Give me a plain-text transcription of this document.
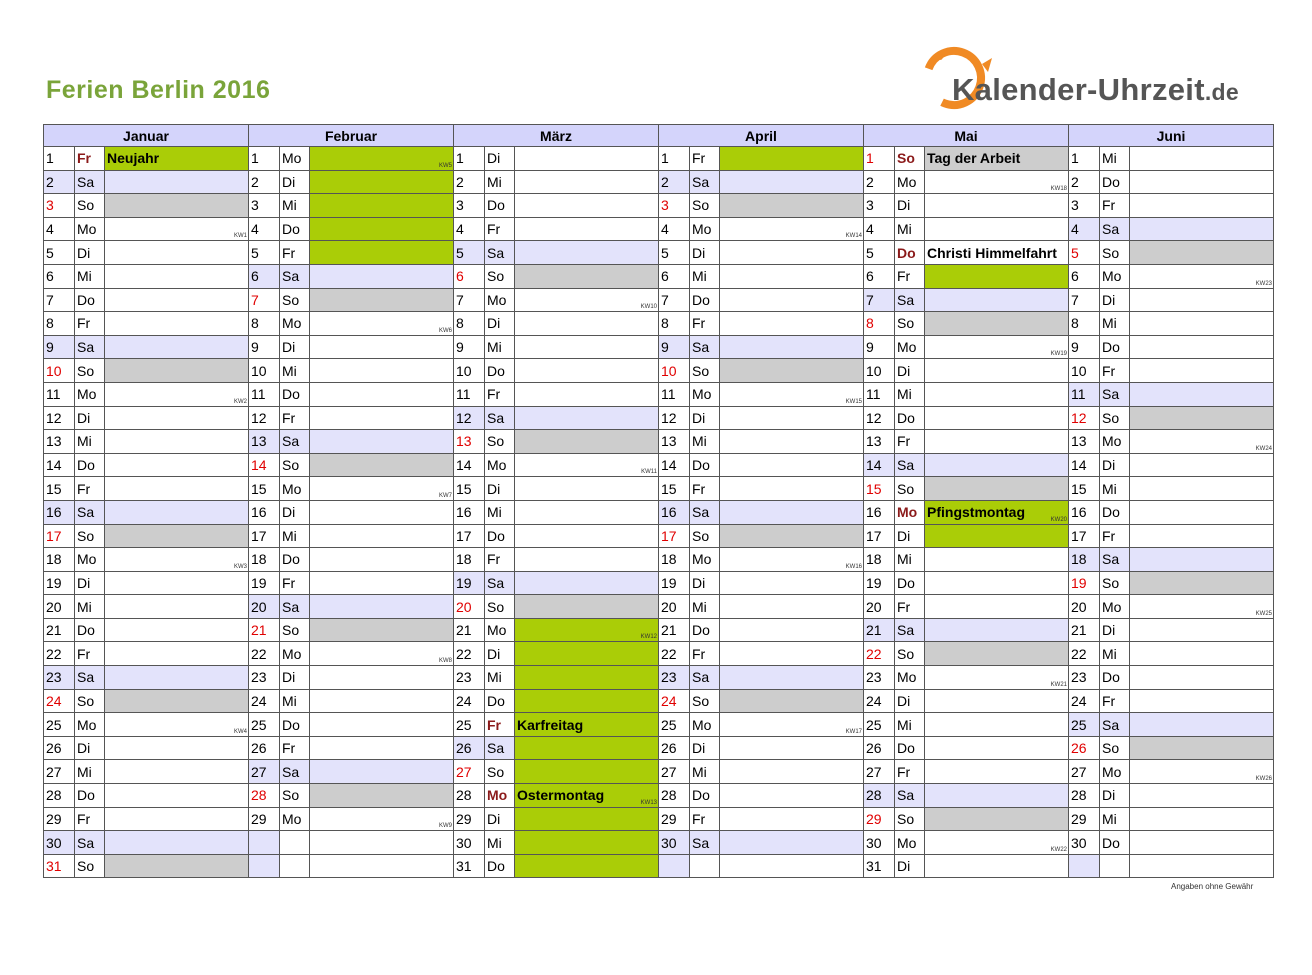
Ferien Berlin 2016	Kalender-Uhrzeit.de
Januar			Februar			März			April			Mai			Juni		
1	Fr	Neujahr	1	Mo	KW5	1	Di		1	Fr		1	So	Tag der Arbeit	1	Mi	
2	Sa		2	Di		2	Mi		2	Sa		2	Mo	KW18	2	Do	
3	So		3	Mi		3	Do		3	So		3	Di		3	Fr	
4	Mo	KW1	4	Do		4	Fr		4	Mo	KW14	4	Mi		4	Sa	
5	Di		5	Fr		5	Sa		5	Di		5	Do	Christi Himmelfahrt	5	So	
6	Mi		6	Sa		6	So		6	Mi		6	Fr		6	Mo	KW23

7	Do		7	So		7	Mo	KW10	7	Do		7	Sa		7	Di	
8	Fr		8	Mo	KW6	8	Di		8	Fr		8	So		8	Mi	
9	Sa		9	Di		9	Mi		9	Sa		9	Mo	KW19	9	Do	
10	So		10	Mi		10	Do		10	So		10	Di		10	Fr	
11	Mo	KW2	11	Do		11	Fr		11	Mo	KW15	11	Mi		11	Sa	
12	Di		12	Fr		12	Sa		12	Di		12	Do		12	So	
13	Mi		13	Sa		13	So		13	Mi		13	Fr		13	Mo	KW24

14	Do		14	So		14	Mo	KW11	14	Do		14	Sa		14	Di	
15	Fr		15	Mo	KW7	15	Di		15	Fr		15	So		15	Mi	
16	Sa		16	Di		16	Mi		16	Sa		16	Mo	Pfingstmontag KW20	16	Do	
17	So		17	Mi		17	Do		17	So		17	Di		17	Fr	
18	Mo	KW3	18	Do		18	Fr		18	Mo	KW16	18	Mi		18	Sa	
19	Di		19	Fr		19	Sa		19	Di		19	Do		19	So	
20	Mi		20	Sa		20	So		20	Mi		20	Fr		20	Mo	KW25

21	Do		21	So		21	Mo	KW12	21	Do		21	Sa		21	Di	
22	Fr		22	Mo	KW8	22	Di		22	Fr		22	So		22	Mi	
23	Sa		23	Di		23	Mi		23	Sa		23	Mo	KW21	23	Do	
24	So		24	Mi		24	Do		24	So		24	Di		24	Fr	
25	Mo	KW4	25	Do		25	Fr	Karfreitag	25	Mo	KW17	25	Mi		25	Sa	
26	Di		26	Fr		26	Sa		26	Di		26	Do		26	So	
27	Mi		27	Sa		27	So		27	Mi		27	Fr		27	Mo	KW26

28	Do		28	So		28	Mo	Ostermontag KW13	28	Do		28	Sa		28	Di	
29	Fr		29	Mo	KW9	29	Di		29	Fr		29	So		29	Mi	
30	Sa					30	Mi		30	Sa		30	Mo	KW22	30	Do	
31	So					31	Do					31	Di				
Angaben ohne Gewähr
